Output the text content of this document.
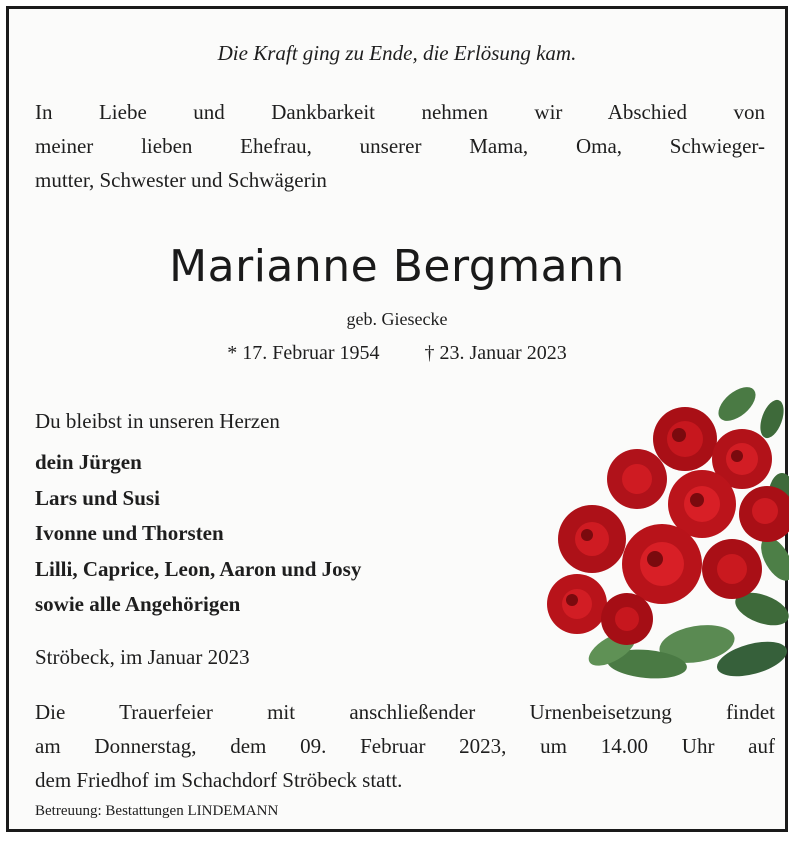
Die Kraft ging zu Ende, die Erlösung kam.
In Liebe und Dankbarkeit nehmen wir Abschied von
meiner lieben Ehefrau, unserer Mama, Oma, Schwieger-
mutter, Schwester und Schwägerin
Marianne Bergmann
geb. Giesecke
* 17. Februar 1954 † 23. Januar 2023
Du bleibst in unseren Herzen
dein Jürgen
Lars und Susi
Ivonne und Thorsten
Lilli, Caprice, Leon, Aaron und Josy
sowie alle Angehörigen
Ströbeck, im Januar 2023
Die Trauerfeier mit anschließender Urnenbeisetzung findet
am Donnerstag, dem 09. Februar 2023, um 14.00 Uhr auf
dem Friedhof im Schachdorf Ströbeck statt.
Betreuung: Bestattungen LINDEMANN
